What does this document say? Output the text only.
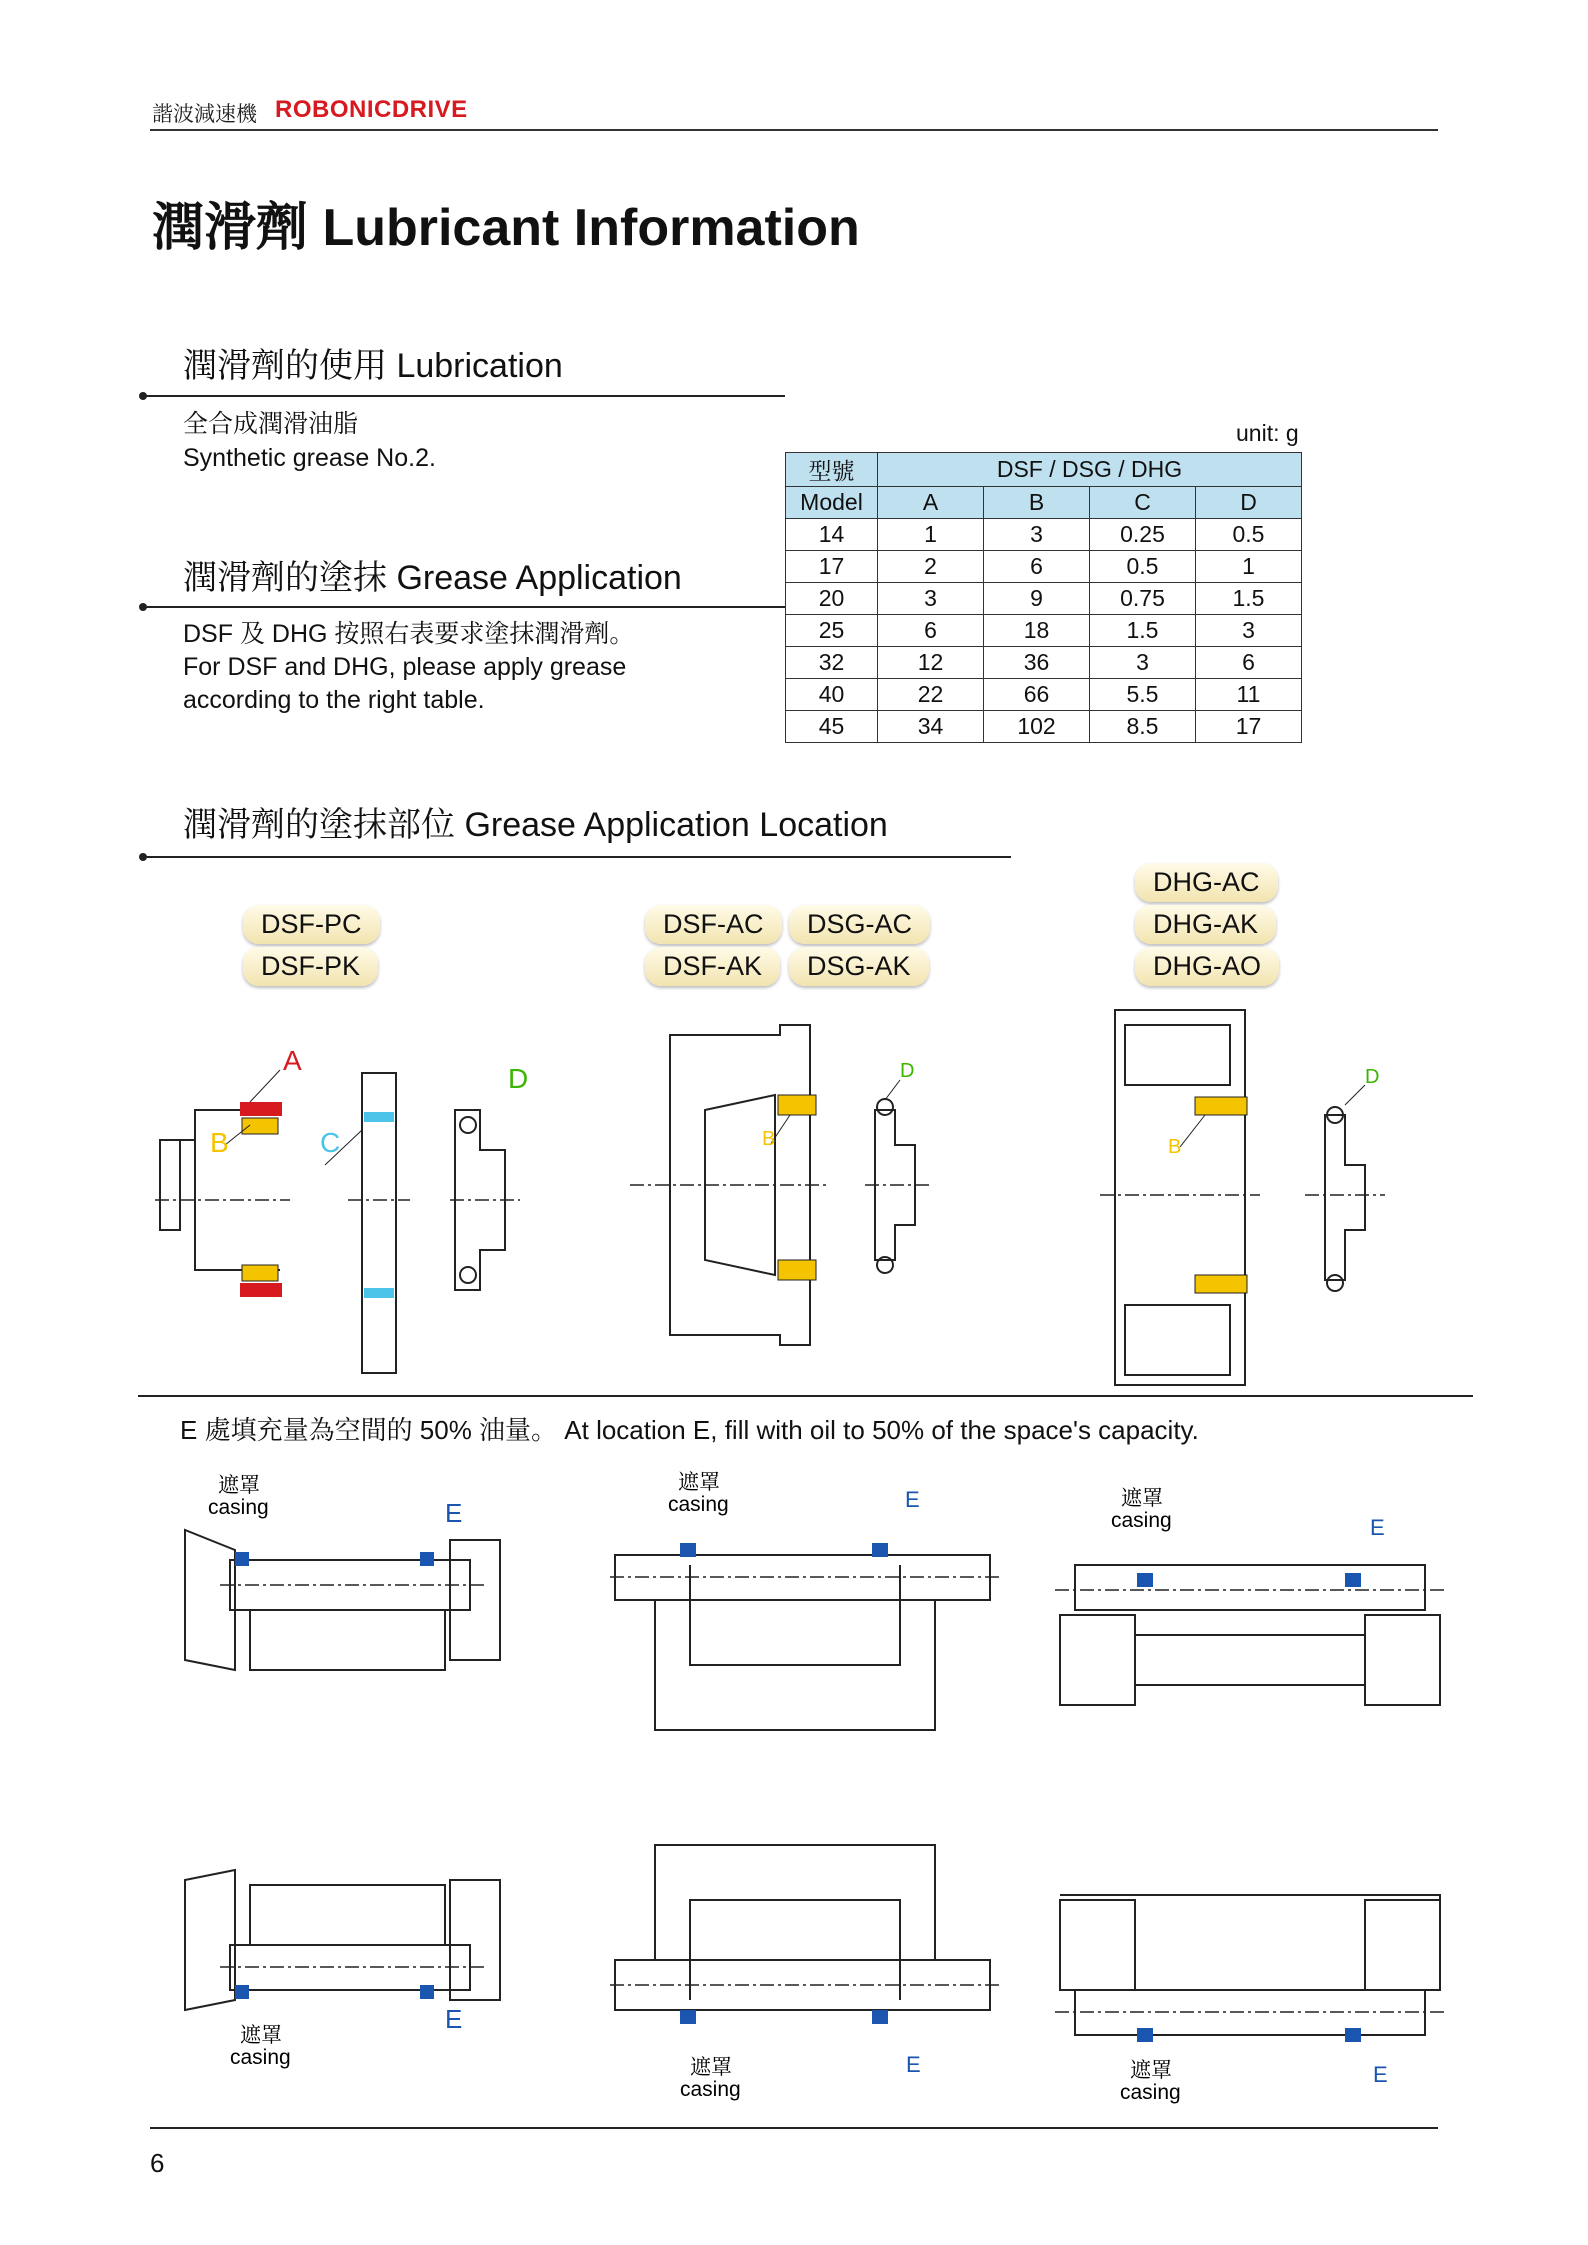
諧波減速機 ROBONICDRIVE
潤滑劑 Lubricant Information
潤滑劑的使用 Lubrication
全合成潤滑油脂
Synthetic grease No.2.
潤滑劑的塗抹 Grease Application
DSF 及 DHG 按照右表要求塗抹潤滑劑。
For DSF and DHG, please apply grease
according to the right table.
unit: g
型號	DSF / DSG / DHG			
Model	A	B	C	D
14	1	3	0.25	0.5
17	2	6	0.5	1
20	3	9	0.75	1.5
25	6	18	1.5	3
32	12	36	3	6
40	22	66	5.5	11
45	34	102	8.5	17
潤滑劑的塗抹部位 Grease Application Location
DSF-PC
DSF-PK
DSF-AC	DSG-AC
DSF-AK	DSG-AK
DHG-AC
DHG-AK
DHG-AO
A
B	C
D
B
D
B
D
E 處填充量為空間的 50% 油量。 At location E, fill with oil to 50% of the space's capacity.
遮罩
casing	E
遮罩
casing	E	遮罩
casing	E
遮罩
casing
E
遮罩
casing
E	遮罩
casing
E
6
